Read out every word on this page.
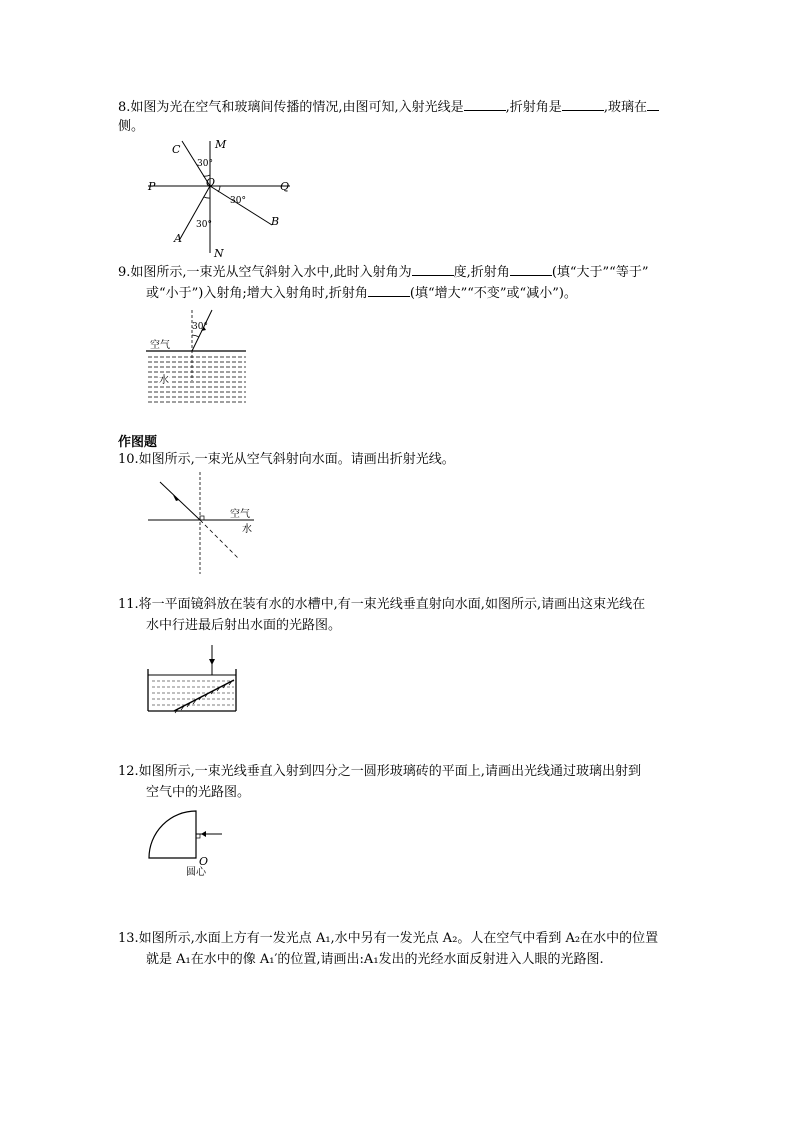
8.如图为光在空气和玻璃间传播的情况,由图可知,入射光线是	,折射角是	,玻璃在
侧。
C	M
30°
P	O	Q
30°
B
30°
A
N
9.如图所示,一束光从空气斜射入水中,此时入射角为	度,折射角	(填“大于”“等于”
或“小于”)入射角;增大入射角时,折射角	(填“增大”“不变”或“减小”)。
30°
空气
水
作图题
10.如图所示,一束光从空气斜射向水面。请画出折射光线。
空气
水
11.将一平面镜斜放在装有水的水槽中,有一束光线垂直射向水面,如图所示,请画出这束光线在
水中行进最后射出水面的光路图。
12.如图所示,一束光线垂直入射到四分之一圆形玻璃砖的平面上,请画出光线通过玻璃出射到
空气中的光路图。
O
圆心
13.如图所示,水面上方有一发光点 A₁,水中另有一发光点 A₂。人在空气中看到 A₂在水中的位置
就是 A₁在水中的像 A₁′的位置,请画出:A₁发出的光经水面反射进入人眼的光路图.
